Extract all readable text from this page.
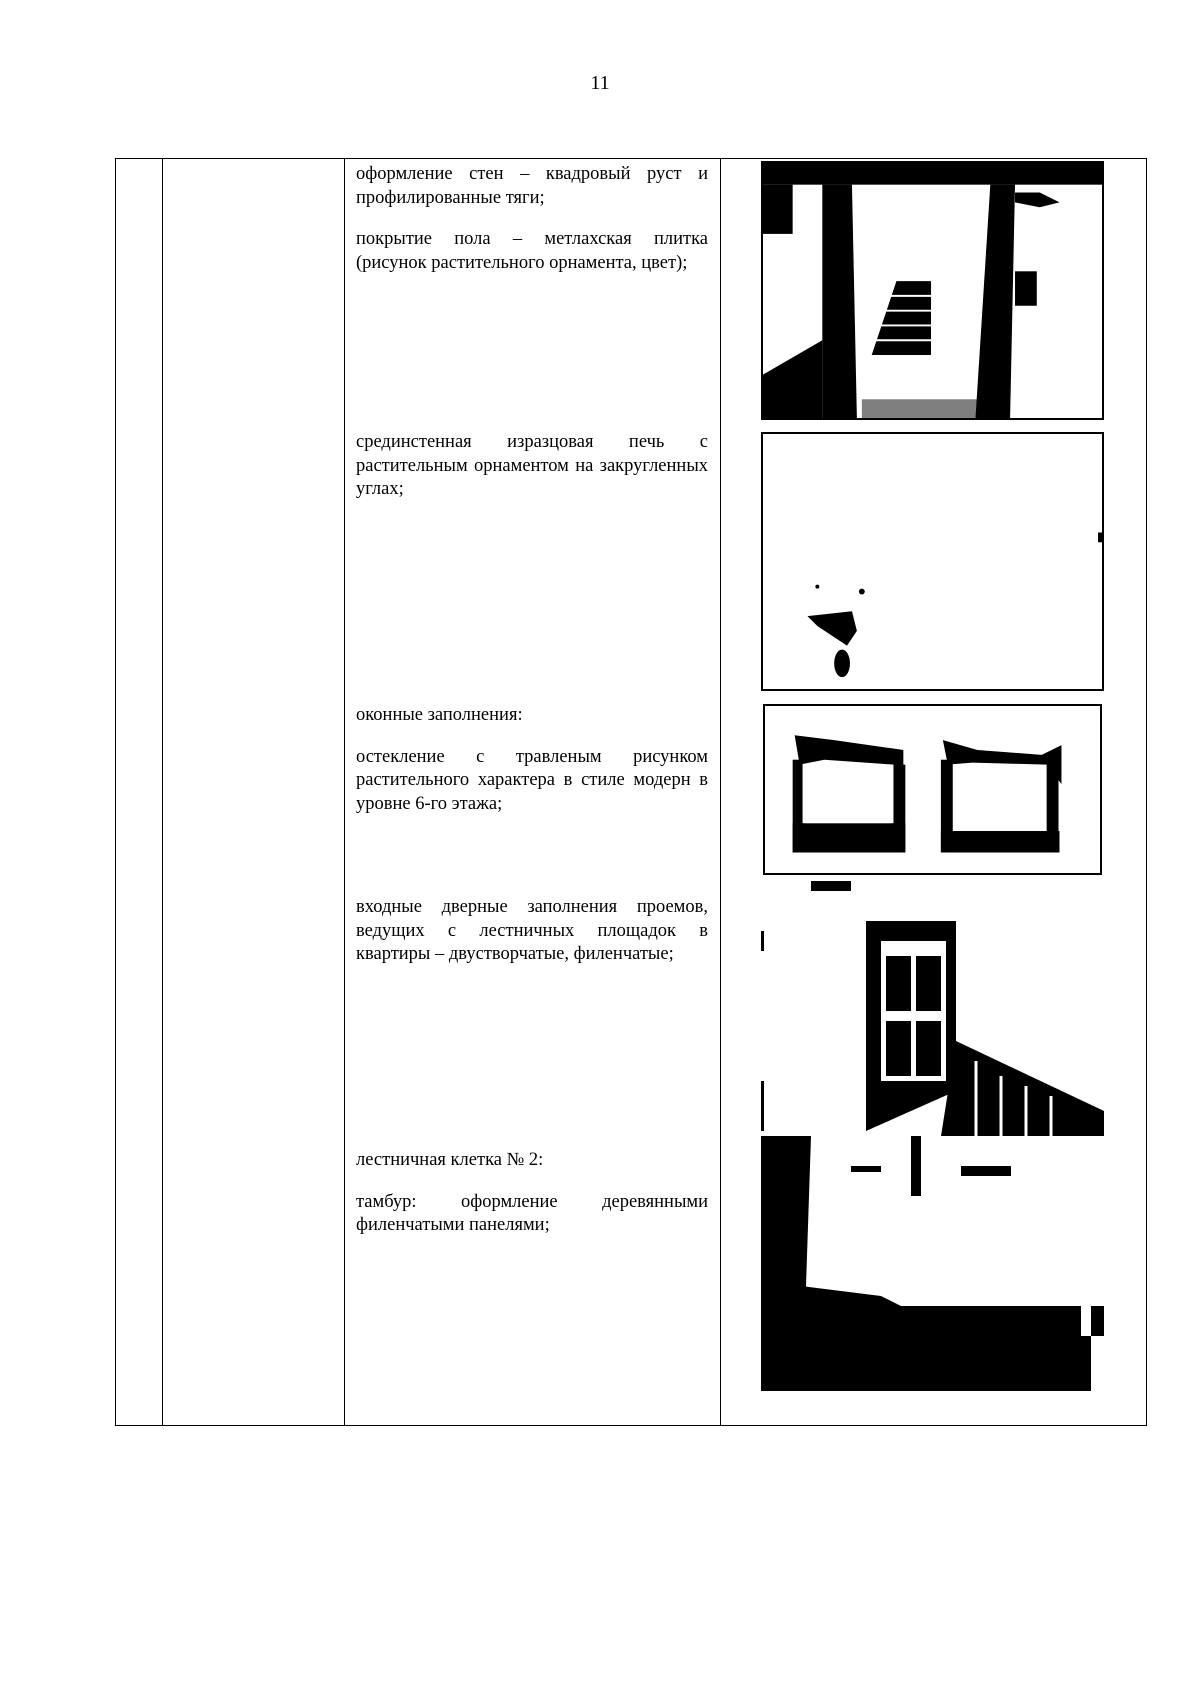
11

оформление стен – квадровый руст и профилированные тяги;

покрытие пола – метлахская плитка (рисунок растительного орнамента, цвет);

срединстенная изразцовая печь с растительным орнаментом на закругленных углах;

оконные заполнения:

остекление с травленым рисунком растительного характера в стиле модерн в уровне 6-го этажа;

входные дверные заполнения проемов, ведущих с лестничных площадок в квартиры – двустворчатые, филенчатые;

лестничная клетка № 2:

тамбур: оформление деревянными филенчатыми панелями;
